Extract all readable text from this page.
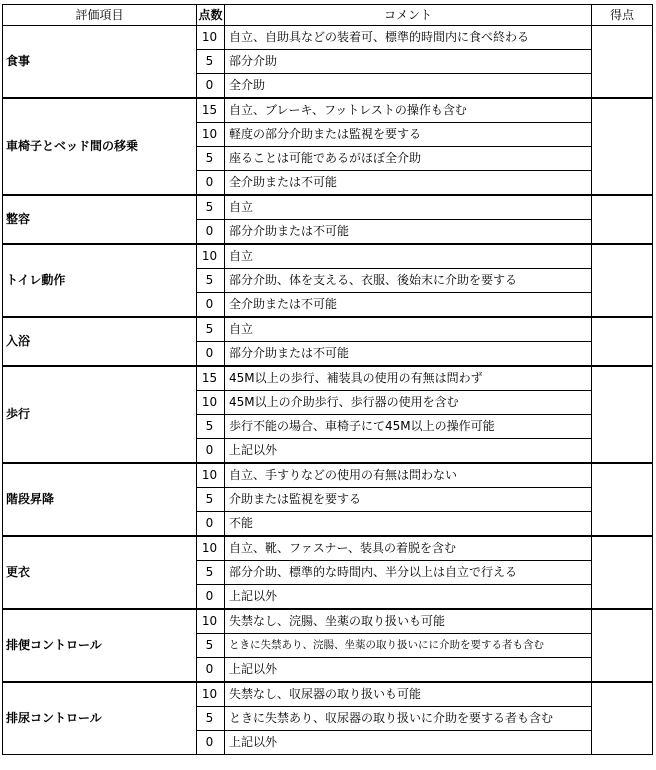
評価項目	点数	コメント	得点
食事	10	自立、自助具などの装着可、標準的時間内に食べ終わる	
	5	部分介助	
	0	全介助	
車椅子とベッド間の移乗	15	自立、ブレーキ、フットレストの操作も含む	
	10	軽度の部分介助または監視を要する	
	5	座ることは可能であるがほぼ全介助	
	0	全介助または不可能	
整容	5	自立	
	0	部分介助または不可能	
トイレ動作	10	自立	
	5	部分介助、体を支える、衣服、後始末に介助を要する	
	0	全介助または不可能	
入浴	5	自立	
	0	部分介助または不可能	
歩行	15	45M以上の歩行、補装具の使用の有無は問わず	
	10	45M以上の介助歩行、歩行器の使用を含む	
	5	歩行不能の場合、車椅子にて45M以上の操作可能	
	0	上記以外	
階段昇降	10	自立、手すりなどの使用の有無は問わない	
	5	介助または監視を要する	
	0	不能	
更衣	10	自立、靴、ファスナー、装具の着脱を含む	
	5	部分介助、標準的な時間内、半分以上は自立で行える	
	0	上記以外	
排便コントロール	10	失禁なし、浣腸、坐薬の取り扱いも可能	
	5	ときに失禁あり、浣腸、坐薬の取り扱いにに介助を要する者も含む	
	0	上記以外	
排尿コントロール	10	失禁なし、収尿器の取り扱いも可能	
	5	ときに失禁あり、収尿器の取り扱いに介助を要する者も含む	
	0	上記以外	
